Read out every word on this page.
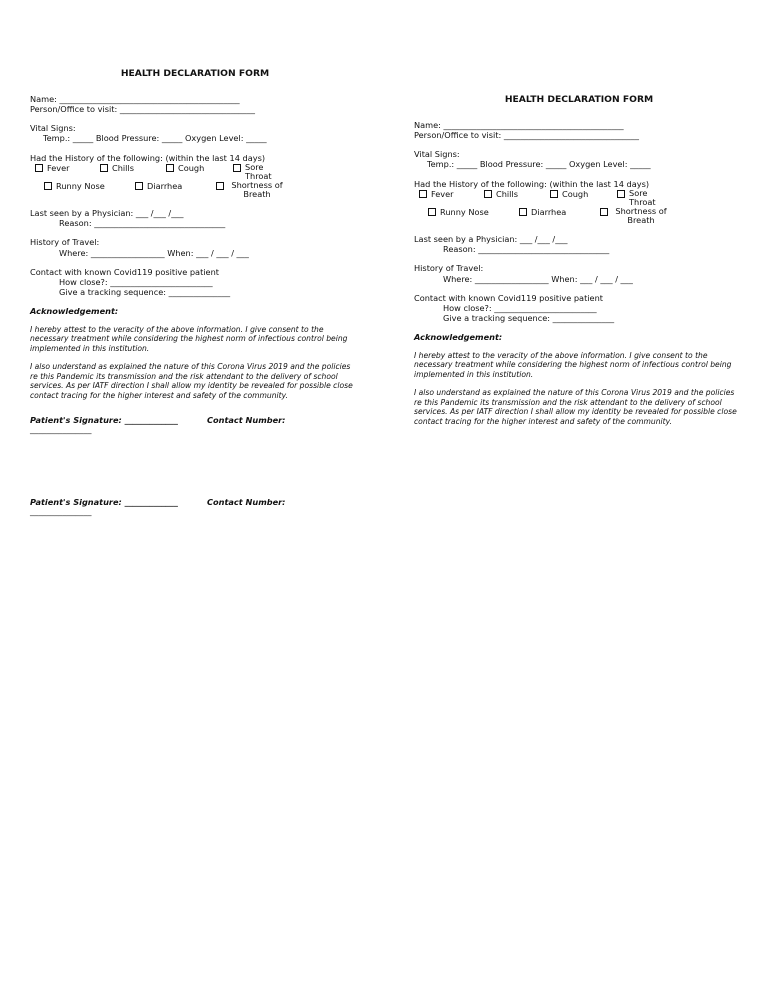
HEALTH DECLARATION FORM
Name: ____________________________________________
Person/Office to visit: _________________________________
Vital Signs:
Temp.: _____ Blood Pressure: _____ Oxygen Level: _____
Had the History of the following: (within the last 14 days)
Fever	Chills	Cough	Sore Throat
Runny Nose	Diarrhea	Shortness of Breath
Last seen by a Physician: ___ /___ /___
Reason: ________________________________
History of Travel:
Where: __________________ When: ___ / ___ / ___
Contact with known Covid119 positive patient
How close?: _________________________
Give a tracking sequence: _______________
Acknowledgement:

I hereby attest to the veracity of the above information. I give consent to the necessary treatment while considering the highest norm of infectious control being implemented in this institution.

I also understand as explained the nature of this Corona Virus 2019 and the policies re this Pandemic its transmission and the risk attendant to the delivery of school services. As per IATF direction I shall allow my identity be revealed for possible close contact tracing for the higher interest and safety of the community.

Patient's Signature: _____________	Contact Number:
_______________
Patient's Signature: _____________	Contact Number:
_______________
HEALTH DECLARATION FORM
Name: ____________________________________________
Person/Office to visit: _________________________________
Vital Signs:
Temp.: _____ Blood Pressure: _____ Oxygen Level: _____
Had the History of the following: (within the last 14 days)
Fever	Chills	Cough	Sore Throat
Runny Nose	Diarrhea	Shortness of Breath
Last seen by a Physician: ___ /___ /___
Reason: ________________________________
History of Travel:
Where: __________________ When: ___ / ___ / ___
Contact with known Covid119 positive patient
How close?: _________________________
Give a tracking sequence: _______________
Acknowledgement:

I hereby attest to the veracity of the above information. I give consent to the necessary treatment while considering the highest norm of infectious control being implemented in this institution.

I also understand as explained the nature of this Corona Virus 2019 and the policies re this Pandemic its transmission and the risk attendant to the delivery of school services. As per IATF direction I shall allow my identity be revealed for possible close contact tracing for the higher interest and safety of the community.
